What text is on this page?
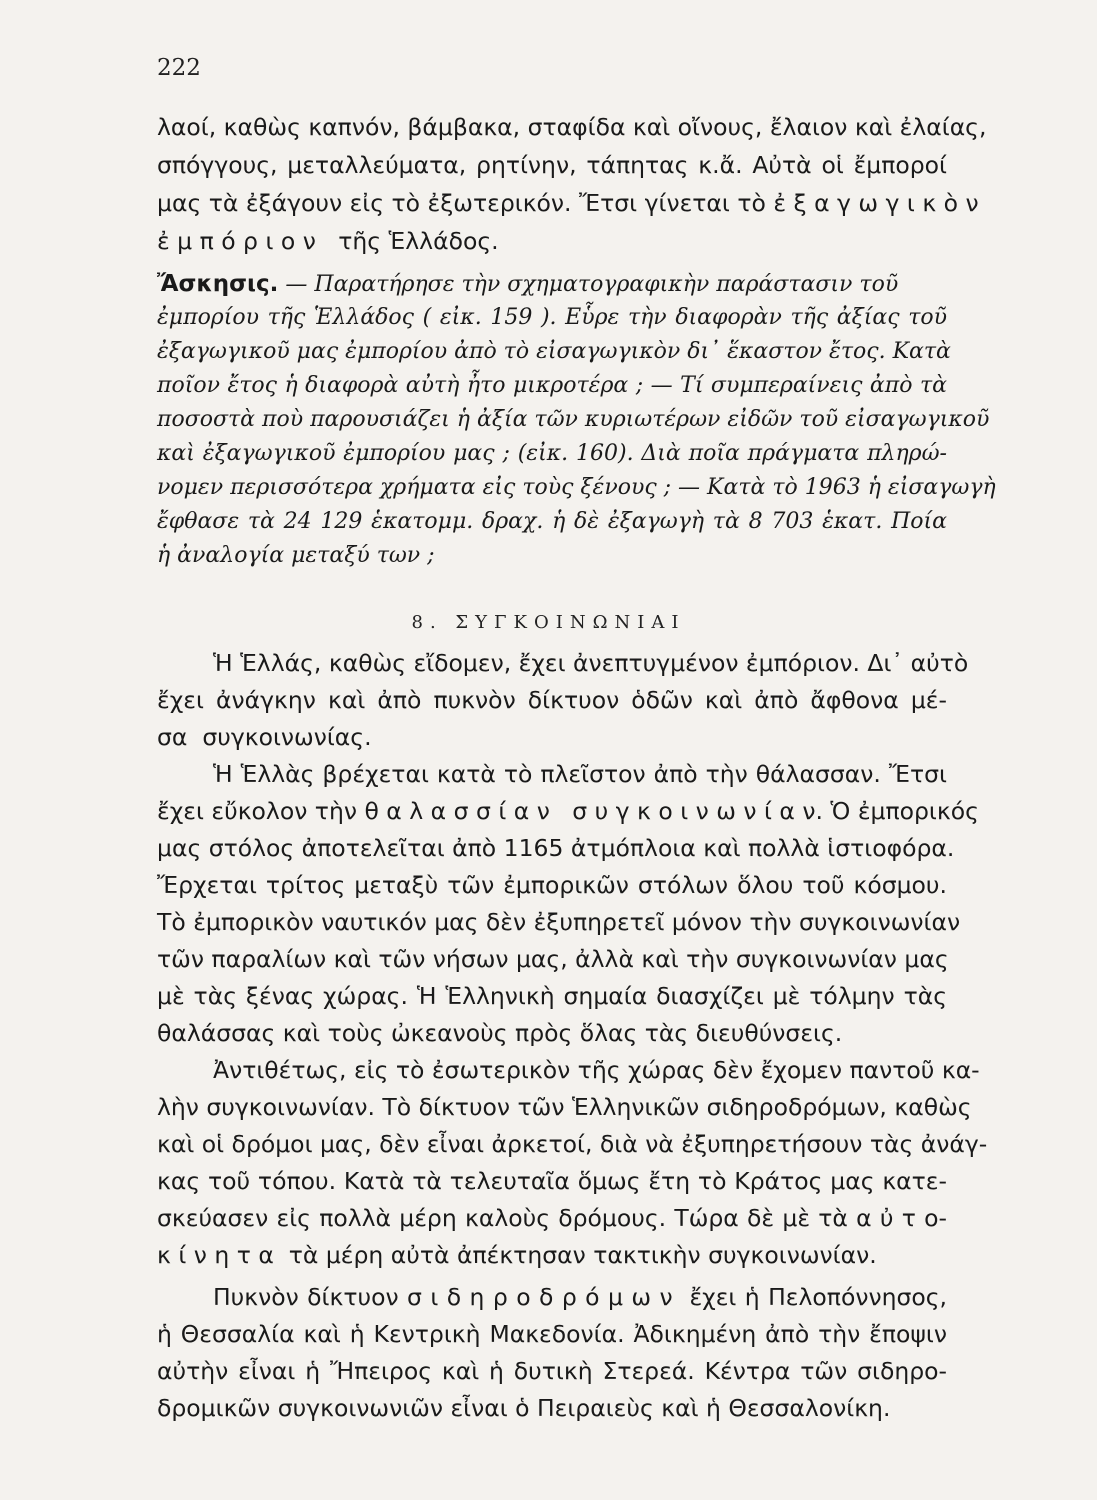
222
λαοί, καθὼς καπνόν, βάμβακα, σταφίδα καὶ οἴνους, ἔλαιον καὶ ἐλαίας,
σπόγγους, μεταλλεύματα, ρητίνην, τάπητας κ.ἄ. Αὐτὰ οἱ ἔμποροί
μας τὰ ἐξάγουν εἰς τὸ ἐξωτερικόν. Ἔτσι γίνεται τὸ ἐ ξ α γ ω γ ι κ ὸ ν
ἐ μ π ό ρ ι ο ν   τῆς Ἑλλάδος.
Ἄσκησις. — Παρατήρησε τὴν σχηματογραφικὴν παράστασιν τοῦ
ἐμπορίου τῆς Ἑλλάδος ( εἰκ. 159 ). Εὗρε τὴν διαφορὰν τῆς ἀξίας τοῦ
ἐξαγωγικοῦ μας ἐμπορίου ἀπὸ τὸ εἰσαγωγικὸν δι᾿ ἕκαστον ἔτος. Κατὰ
ποῖον ἔτος ἡ διαφορὰ αὐτὴ ἦτο μικροτέρα ; — Τί συμπεραίνεις ἀπὸ τὰ
ποσοστὰ ποὺ παρουσιάζει ἡ ἀξία τῶν κυριωτέρων εἰδῶν τοῦ εἰσαγωγικοῦ
καὶ ἐξαγωγικοῦ ἐμπορίου μας ; (εἰκ. 160). Διὰ ποῖα πράγματα πληρώ-
νομεν περισσότερα χρήματα εἰς τοὺς ξένους ; — Κατὰ τὸ 1963 ἡ εἰσαγωγὴ
ἔφθασε τὰ 24 129 ἑκατομμ. δραχ. ἡ δὲ ἐξαγωγὴ τὰ 8 703 ἑκατ. Ποία
ἡ ἀναλογία μεταξύ των ;
8. ΣΥΓΚΟΙΝΩΝΙΑΙ
Ἡ Ἑλλάς, καθὼς εἴδομεν, ἔχει ἀνεπτυγμένον ἐμπόριον. Δι᾿ αὐτὸ
ἔχει ἀνάγκην καὶ ἀπὸ πυκνὸν δίκτυον ὁδῶν καὶ ἀπὸ ἄφθονα μέ-
σα  συγκοινωνίας.
Ἡ Ἑλλὰς βρέχεται κατὰ τὸ πλεῖστον ἀπὸ τὴν θάλασσαν. Ἔτσι
ἔχει εὔκολον τὴν θ α λ α σ σ ί α ν   σ υ γ κ ο ι ν ω ν ί α ν. Ὁ ἐμπορικός
μας στόλος ἀποτελεῖται ἀπὸ 1165 ἀτμόπλοια καὶ πολλὰ ἱστιοφόρα.
Ἔρχεται τρίτος μεταξὺ τῶν ἐμπορικῶν στόλων ὅλου τοῦ κόσμου.
Τὸ ἐμπορικὸν ναυτικόν μας δὲν ἐξυπηρετεῖ μόνον τὴν συγκοινωνίαν
τῶν παραλίων καὶ τῶν νήσων μας, ἀλλὰ καὶ τὴν συγκοινωνίαν μας
μὲ τὰς ξένας χώρας. Ἡ Ἑλληνικὴ σημαία διασχίζει μὲ τόλμην τὰς
θαλάσσας καὶ τοὺς ὠκεανοὺς πρὸς ὅλας τὰς διευθύνσεις.
Ἀντιθέτως, εἰς τὸ ἐσωτερικὸν τῆς χώρας δὲν ἔχομεν παντοῦ κα-
λὴν συγκοινωνίαν. Τὸ δίκτυον τῶν Ἑλληνικῶν σιδηροδρόμων, καθὼς
καὶ οἱ δρόμοι μας, δὲν εἶναι ἀρκετοί, διὰ νὰ ἐξυπηρετήσουν τὰς ἀνάγ-
κας τοῦ τόπου. Κατὰ τὰ τελευταῖα ὅμως ἔτη τὸ Κράτος μας κατε-
σκεύασεν εἰς πολλὰ μέρη καλοὺς δρόμους. Τώρα δὲ μὲ τὰ α ὐ τ ο-
κ ί ν η τ α  τὰ μέρη αὐτὰ ἀπέκτησαν τακτικὴν συγκοινωνίαν.
Πυκνὸν δίκτυον σ ι δ η ρ ο δ ρ ό μ ω ν  ἔχει ἡ Πελοπόννησος,
ἡ Θεσσαλία καὶ ἡ Κεντρικὴ Μακεδονία. Ἀδικημένη ἀπὸ τὴν ἔποψιν
αὐτὴν εἶναι ἡ Ἤπειρος καὶ ἡ δυτικὴ Στερεά. Κέντρα τῶν σιδηρο-
δρομικῶν συγκοινωνιῶν εἶναι ὁ Πειραιεὺς καὶ ἡ Θεσσαλονίκη.
